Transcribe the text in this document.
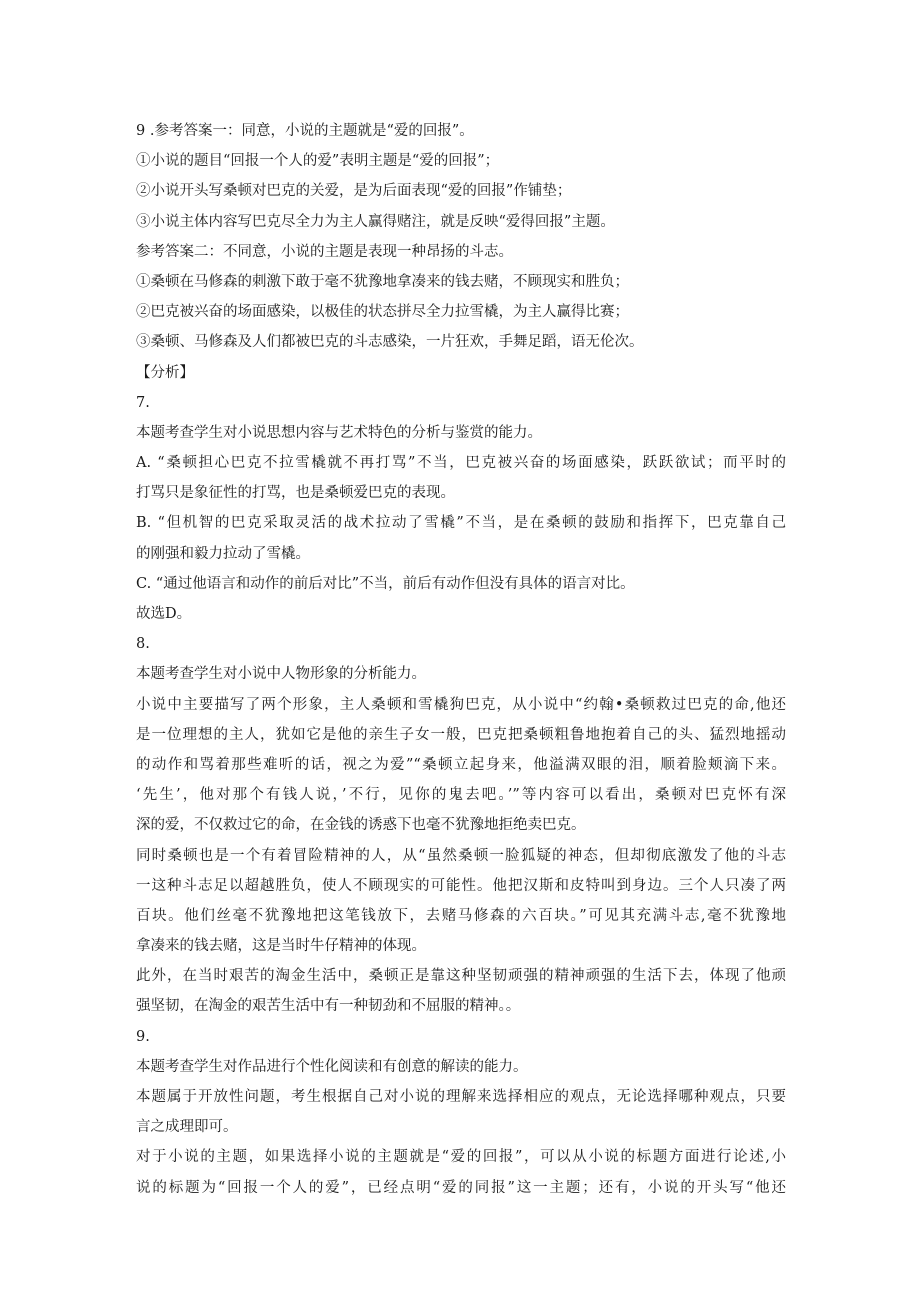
9 .参考答案一：同意，小说的主题就是“爱的回报”。
①小说的题目“回报一个人的爱”表明主题是“爱的回报”；
②小说开头写桑顿对巴克的关爱，是为后面表现“爱的回报”作铺垫；
③小说主体内容写巴克尽全力为主人赢得赌注，就是反映“爱得回报”主题。
参考答案二：不同意，小说的主题是表现一种昂扬的斗志。
①桑顿在马修森的刺激下敢于毫不犹豫地拿凑来的钱去赌，不顾现实和胜负；
②巴克被兴奋的场面感染，以极佳的状态拼尽全力拉雪橇，为主人赢得比赛；
③桑顿、马修森及人们都被巴克的斗志感染，一片狂欢，手舞足蹈，语无伦次。
【分析】
7.
本题考查学生对小说思想内容与艺术特色的分析与鉴赏的能力。
A. “桑顿担心巴克不拉雪橇就不再打骂”不当，巴克被兴奋的场面感染，跃跃欲试；而平时的
打骂只是象征性的打骂，也是桑顿爱巴克的表现。
B. “但机智的巴克采取灵活的战术拉动了雪橇”不当，是在桑顿的鼓励和指挥下，巴克靠自己
的刚强和毅力拉动了雪橇。
C. “通过他语言和动作的前后对比”不当，前后有动作但没有具体的语言对比。
故选D。
8.
本题考查学生对小说中人物形象的分析能力。
小说中主要描写了两个形象，主人桑顿和雪橇狗巴克，从小说中“约翰•桑顿救过巴克的命,他还
是一位理想的主人，犹如它是他的亲生子女一般，巴克把桑顿粗鲁地抱着自己的头、猛烈地摇动
的动作和骂着那些难听的话，视之为爱”“桑顿立起身来，他溢满双眼的泪，顺着脸颊滴下来。
‘先生’，他对那个有钱人说，’不行，见你的鬼去吧。’”等内容可以看出，桑顿对巴克怀有深
深的爱，不仅救过它的命，在金钱的诱惑下也毫不犹豫地拒绝卖巴克。
同时桑顿也是一个有着冒险精神的人，从“虽然桑顿一脸狐疑的神态，但却彻底激发了他的斗志
一这种斗志足以超越胜负，使人不顾现实的可能性。他把汉斯和皮特叫到身边。三个人只凑了两
百块。他们丝毫不犹豫地把这笔钱放下，去赌马修森的六百块。”可见其充满斗志,毫不犹豫地
拿凑来的钱去赌，这是当时牛仔精神的体现。
此外，在当时艰苦的淘金生活中，桑顿正是靠这种坚韧顽强的精神顽强的生活下去，体现了他顽
强坚韧，在淘金的艰苦生活中有一种韧劲和不屈服的精神。。
9.
本题考查学生对作品进行个性化阅读和有创意的解读的能力。
本题属于开放性问题，考生根据自己对小说的理解来选择相应的观点，无论选择哪种观点，只要
言之成理即可。
对于小说的主题，如果选择小说的主题就是“爱的回报”，可以从小说的标题方面进行论述,小
说的标题为“回报一个人的爱”，已经点明“爱的同报”这一主题；还有，小说的开头写“他还
